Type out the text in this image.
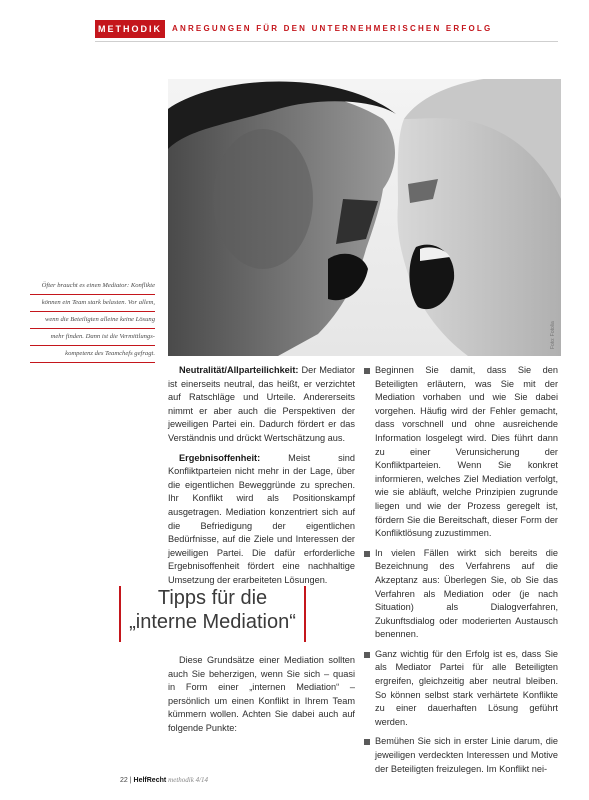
METHODIK	ANREGUNGEN FÜR DEN UNTERNEHMERISCHEN ERFOLG
Foto: Fotolia
Öfter braucht es einen Mediator: Konflikte
können ein Team stark belasten. Vor allem,
wenn die Beteiligten alleine keine Lösung
mehr finden. Dann ist die Vermittlungs-
kompetenz des Teamchefs gefragt.

Neutralität/Allparteilichkeit: Der Mediator ist einerseits neutral, das heißt, er verzichtet auf Ratschläge und Urteile. Andererseits nimmt er aber auch die Perspektiven der jeweiligen Partei ein. Dadurch fördert er das Verständnis und drückt Wertschätzung aus.

Ergebnisoffenheit: Meist sind Konfliktparteien nicht mehr in der Lage, über die eigentlichen Beweggründe zu sprechen. Ihr Konflikt wird als Positionskampf ausgetragen. Mediation konzentriert sich auf die Befriedigung der eigentlichen Bedürfnisse, auf die Ziele und Interessen der jeweiligen Partei. Die dafür erforderliche Ergebnisoffenheit fördert eine nachhaltige Umsetzung der erarbeiteten Lösungen.

Tipps für die
„interne Mediation“

Diese Grundsätze einer Mediation sollten auch Sie beherzigen, wenn Sie sich – quasi in Form einer „internen Mediation“ – persönlich um einen Konflikt in Ihrem Team kümmern wollen. Achten Sie dabei auch auf folgende Punkte:

Beginnen Sie damit, dass Sie den Beteiligten erläutern, was Sie mit der Mediation vorhaben und wie Sie dabei vorgehen. Häufig wird der Fehler gemacht, dass vorschnell und ohne ausreichende Information losgelegt wird. Dies führt dann zu einer Verunsicherung der Konfliktparteien. Wenn Sie konkret informieren, welches Ziel Mediation verfolgt, wie sie abläuft, welche Prinzipien zugrunde liegen und wie der Prozess geregelt ist, fördern Sie die Bereitschaft, dieser Form der Konfliktlösung zuzustimmen.

In vielen Fällen wirkt sich bereits die Bezeichnung des Verfahrens auf die Akzeptanz aus: Überlegen Sie, ob Sie das Verfahren als Mediation oder (je nach Situation) als Dialogverfahren, Zukunftsdialog oder moderierten Austausch benennen.

Ganz wichtig für den Erfolg ist es, dass Sie als Mediator Partei für alle Beteiligten ergreifen, gleichzeitig aber neutral bleiben. So können selbst stark verhärtete Konflikte zu einer dauerhaften Lösung geführt werden.

Bemühen Sie sich in erster Linie darum, die jeweiligen verdeckten Interessen und Motive der Beteiligten freizulegen. Im Konflikt nei-

22 | HelfRecht methodik 4/14
